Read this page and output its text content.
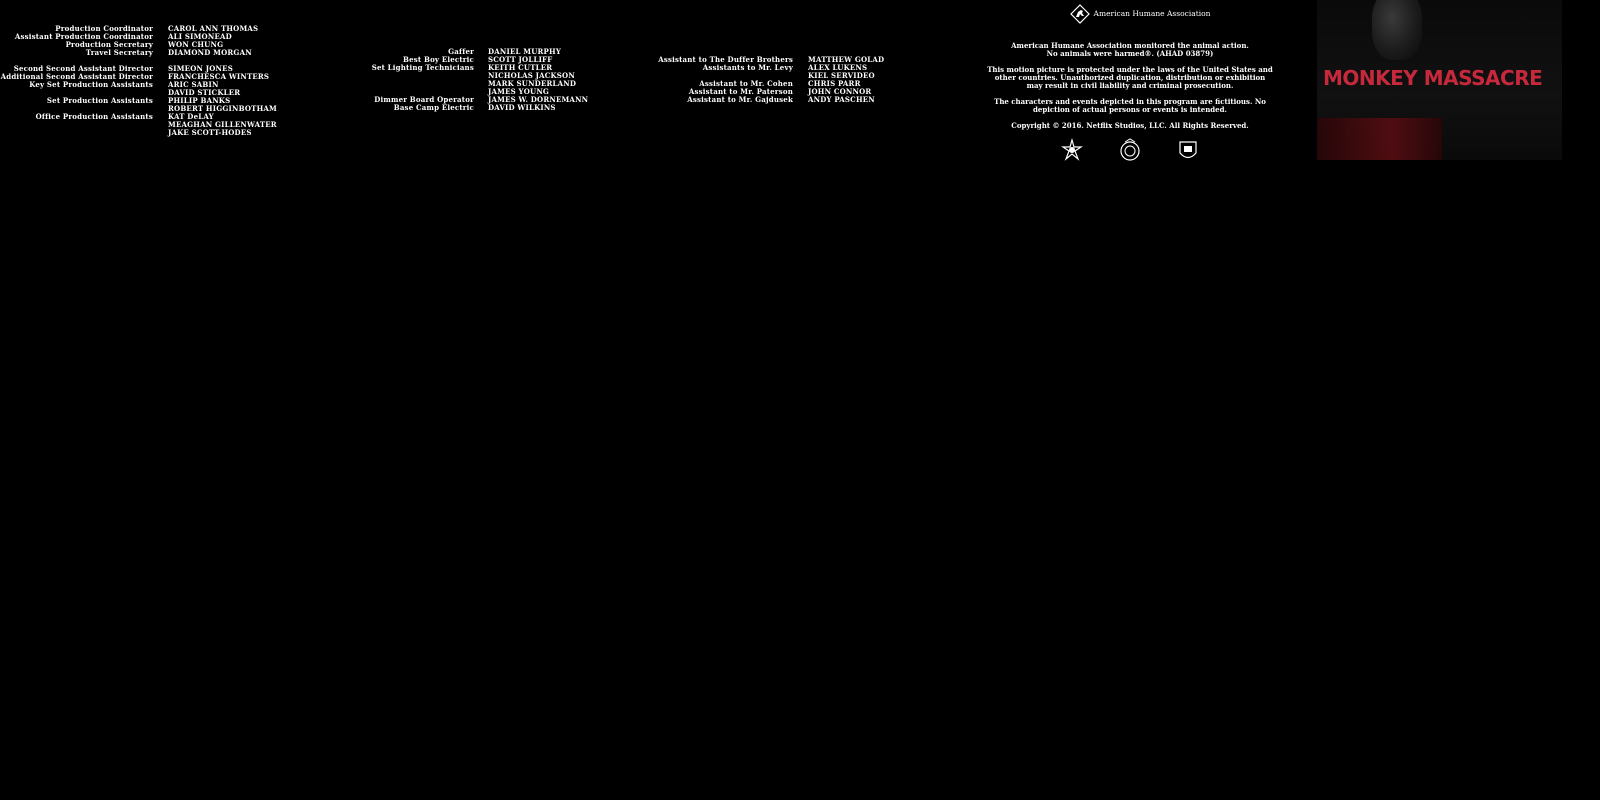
Production Coordinator CAROL ANN THOMAS
Assistant Production Coordinator ALI SIMONEAD
Production Secretary WON CHUNG
Travel Secretary DIAMOND MORGAN
Second Second Assistant Director SIMEON JONES
Additional Second Assistant Director FRANCHESCA WINTERS
Key Set Production Assistants ARIC SABIN
DAVID STICKLER
Set Production Assistants PHILIP BANKS
ROBERT HIGGINBOTHAM
Office Production Assistants KAT DeLAY
MEAGHAN GILLENWATER
JAKE SCOTT-HODES
Gaffer DANIEL MURPHY
Best Boy Electric SCOTT JOLLIFF
Set Lighting Technicians KEITH CUTLER
NICHOLAS JACKSON
MARK SUNDERLAND
JAMES YOUNG
Dimmer Board Operator JAMES W. DORNEMANN
Base Camp Electric DAVID WILKINS
Assistant to The Duffer Brothers MATTHEW GOLAD
Assistants to Mr. Levy ALEX LUKENS
KIEL SERVIDEO
Assistant to Mr. Cohen CHRIS PARR
Assistant to Mr. Paterson JOHN CONNOR
Assistant to Mr. Gajdusek ANDY PASCHEN
American Humane Association
American Humane Association monitored the animal action.
No animals were harmed®. (AHAD 03879)
This motion picture is protected under the laws of the United States and
other countries. Unauthorized duplication, distribution or exhibition
may result in civil liability and criminal prosecution.
The characters and events depicted in this program are fictitious. No
depiction of actual persons or events is intended.
Copyright © 2016. Netflix Studios, LLC. All Rights Reserved.
MONKEY MASSACRE
